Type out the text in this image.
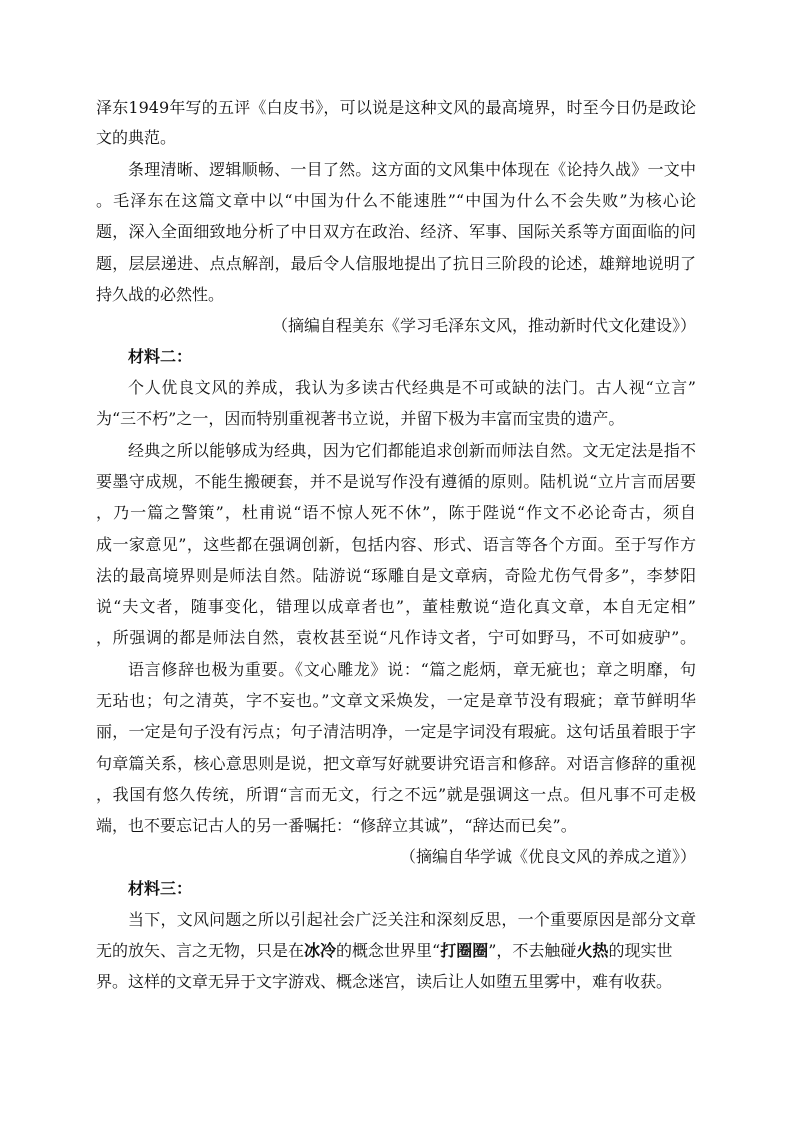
泽东1949年写的五评《白皮书》，可以说是这种文风的最高境界，时至今日仍是政论
文的典范。
条理清晰、逻辑顺畅、一目了然。这方面的文风集中体现在《论持久战》一文中
。毛泽东在这篇文章中以“中国为什么不能速胜”“中国为什么不会失败”为核心论
题，深入全面细致地分析了中日双方在政治、经济、军事、国际关系等方面面临的问
题，层层递进、点点解剖，最后令人信服地提出了抗日三阶段的论述，雄辩地说明了
持久战的必然性。
（摘编自程美东《学习毛泽东文风，推动新时代文化建设》）
材料二：
个人优良文风的养成，我认为多读古代经典是不可或缺的法门。古人视“立言”
为“三不朽”之一，因而特别重视著书立说，并留下极为丰富而宝贵的遗产。
经典之所以能够成为经典，因为它们都能追求创新而师法自然。文无定法是指不
要墨守成规，不能生搬硬套，并不是说写作没有遵循的原则。陆机说“立片言而居要
，乃一篇之警策”，杜甫说“语不惊人死不休”，陈于陛说“作文不必论奇古，须自
成一家意见”，这些都在强调创新，包括内容、形式、语言等各个方面。至于写作方
法的最高境界则是师法自然。陆游说“琢雕自是文章病，奇险尤伤气骨多”，李梦阳
说“夫文者，随事变化，错理以成章者也”，董桂敷说“造化真文章，本自无定相”
，所强调的都是师法自然，袁枚甚至说“凡作诗文者，宁可如野马，不可如疲驴”。
语言修辞也极为重要。《文心雕龙》说：“篇之彪炳，章无疵也；章之明靡，句
无玷也；句之清英，字不妄也。”文章文采焕发，一定是章节没有瑕疵；章节鲜明华
丽，一定是句子没有污点；句子清洁明净，一定是字词没有瑕疵。这句话虽着眼于字
句章篇关系，核心意思则是说，把文章写好就要讲究语言和修辞。对语言修辞的重视
，我国有悠久传统，所谓“言而无文，行之不远”就是强调这一点。但凡事不可走极
端，也不要忘记古人的另一番嘱托：“修辞立其诚”，“辞达而已矣”。
（摘编自华学诚《优良文风的养成之道》）
材料三：
当下，文风问题之所以引起社会广泛关注和深刻反思，一个重要原因是部分文章
无的放矢、言之无物，只是在冰冷的概念世界里“打圈圈”，不去触碰火热的现实世
界。这样的文章无异于文字游戏、概念迷宫，读后让人如堕五里雾中，难有收获。
